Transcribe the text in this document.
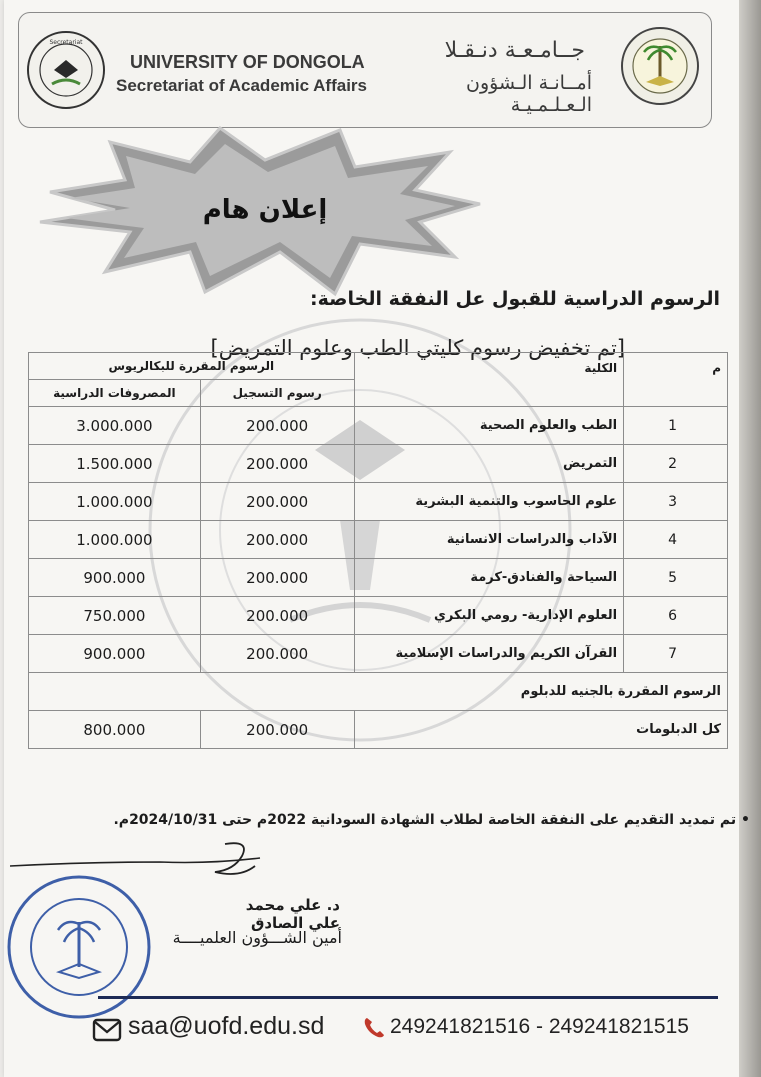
Secretariat
UNIVERSITY OF DONGOLA
Secretariat of Academic Affairs
جــامـعـة دنـقـلا
أمــانـة الـشؤون الـعـلـمـيـة
إعلان هام
الرسوم الدراسية للقبول عل النفقة الخاصة:
[تم تخفيض رسوم كليتي الطب وعلوم التمريض]
الرسوم المقررة للبكالريوس		الكلية	م
المصروفات الدراسية	رسوم التسجيل		
3.000.000	200.000	الطب والعلوم الصحية	1
1.500.000	200.000	التمريض	2
1.000.000	200.000	علوم الحاسوب والتنمية البشرية	3
1.000.000	200.000	الآداب والدراسات الانسانية	4
900.000	200.000	السياحة والفنادق-كرمة	5
750.000	200.000	العلوم الإدارية- رومي البكري	6
900.000	200.000	القرآن الكريم والدراسات الإسلامية	7
الرسوم المقررة بالجنيه للدبلوم			
800.000	200.000	كل الدبلومات	
• تم تمديد التقديم على النفقة الخاصة لطلاب الشهادة السودانية 2022م حتى 2024/10/31م.
د. علي محمد علي الصادق
أمين الشـــؤون العلميــــة
saa@uofd.edu.sd	249241821516 - 249241821515
